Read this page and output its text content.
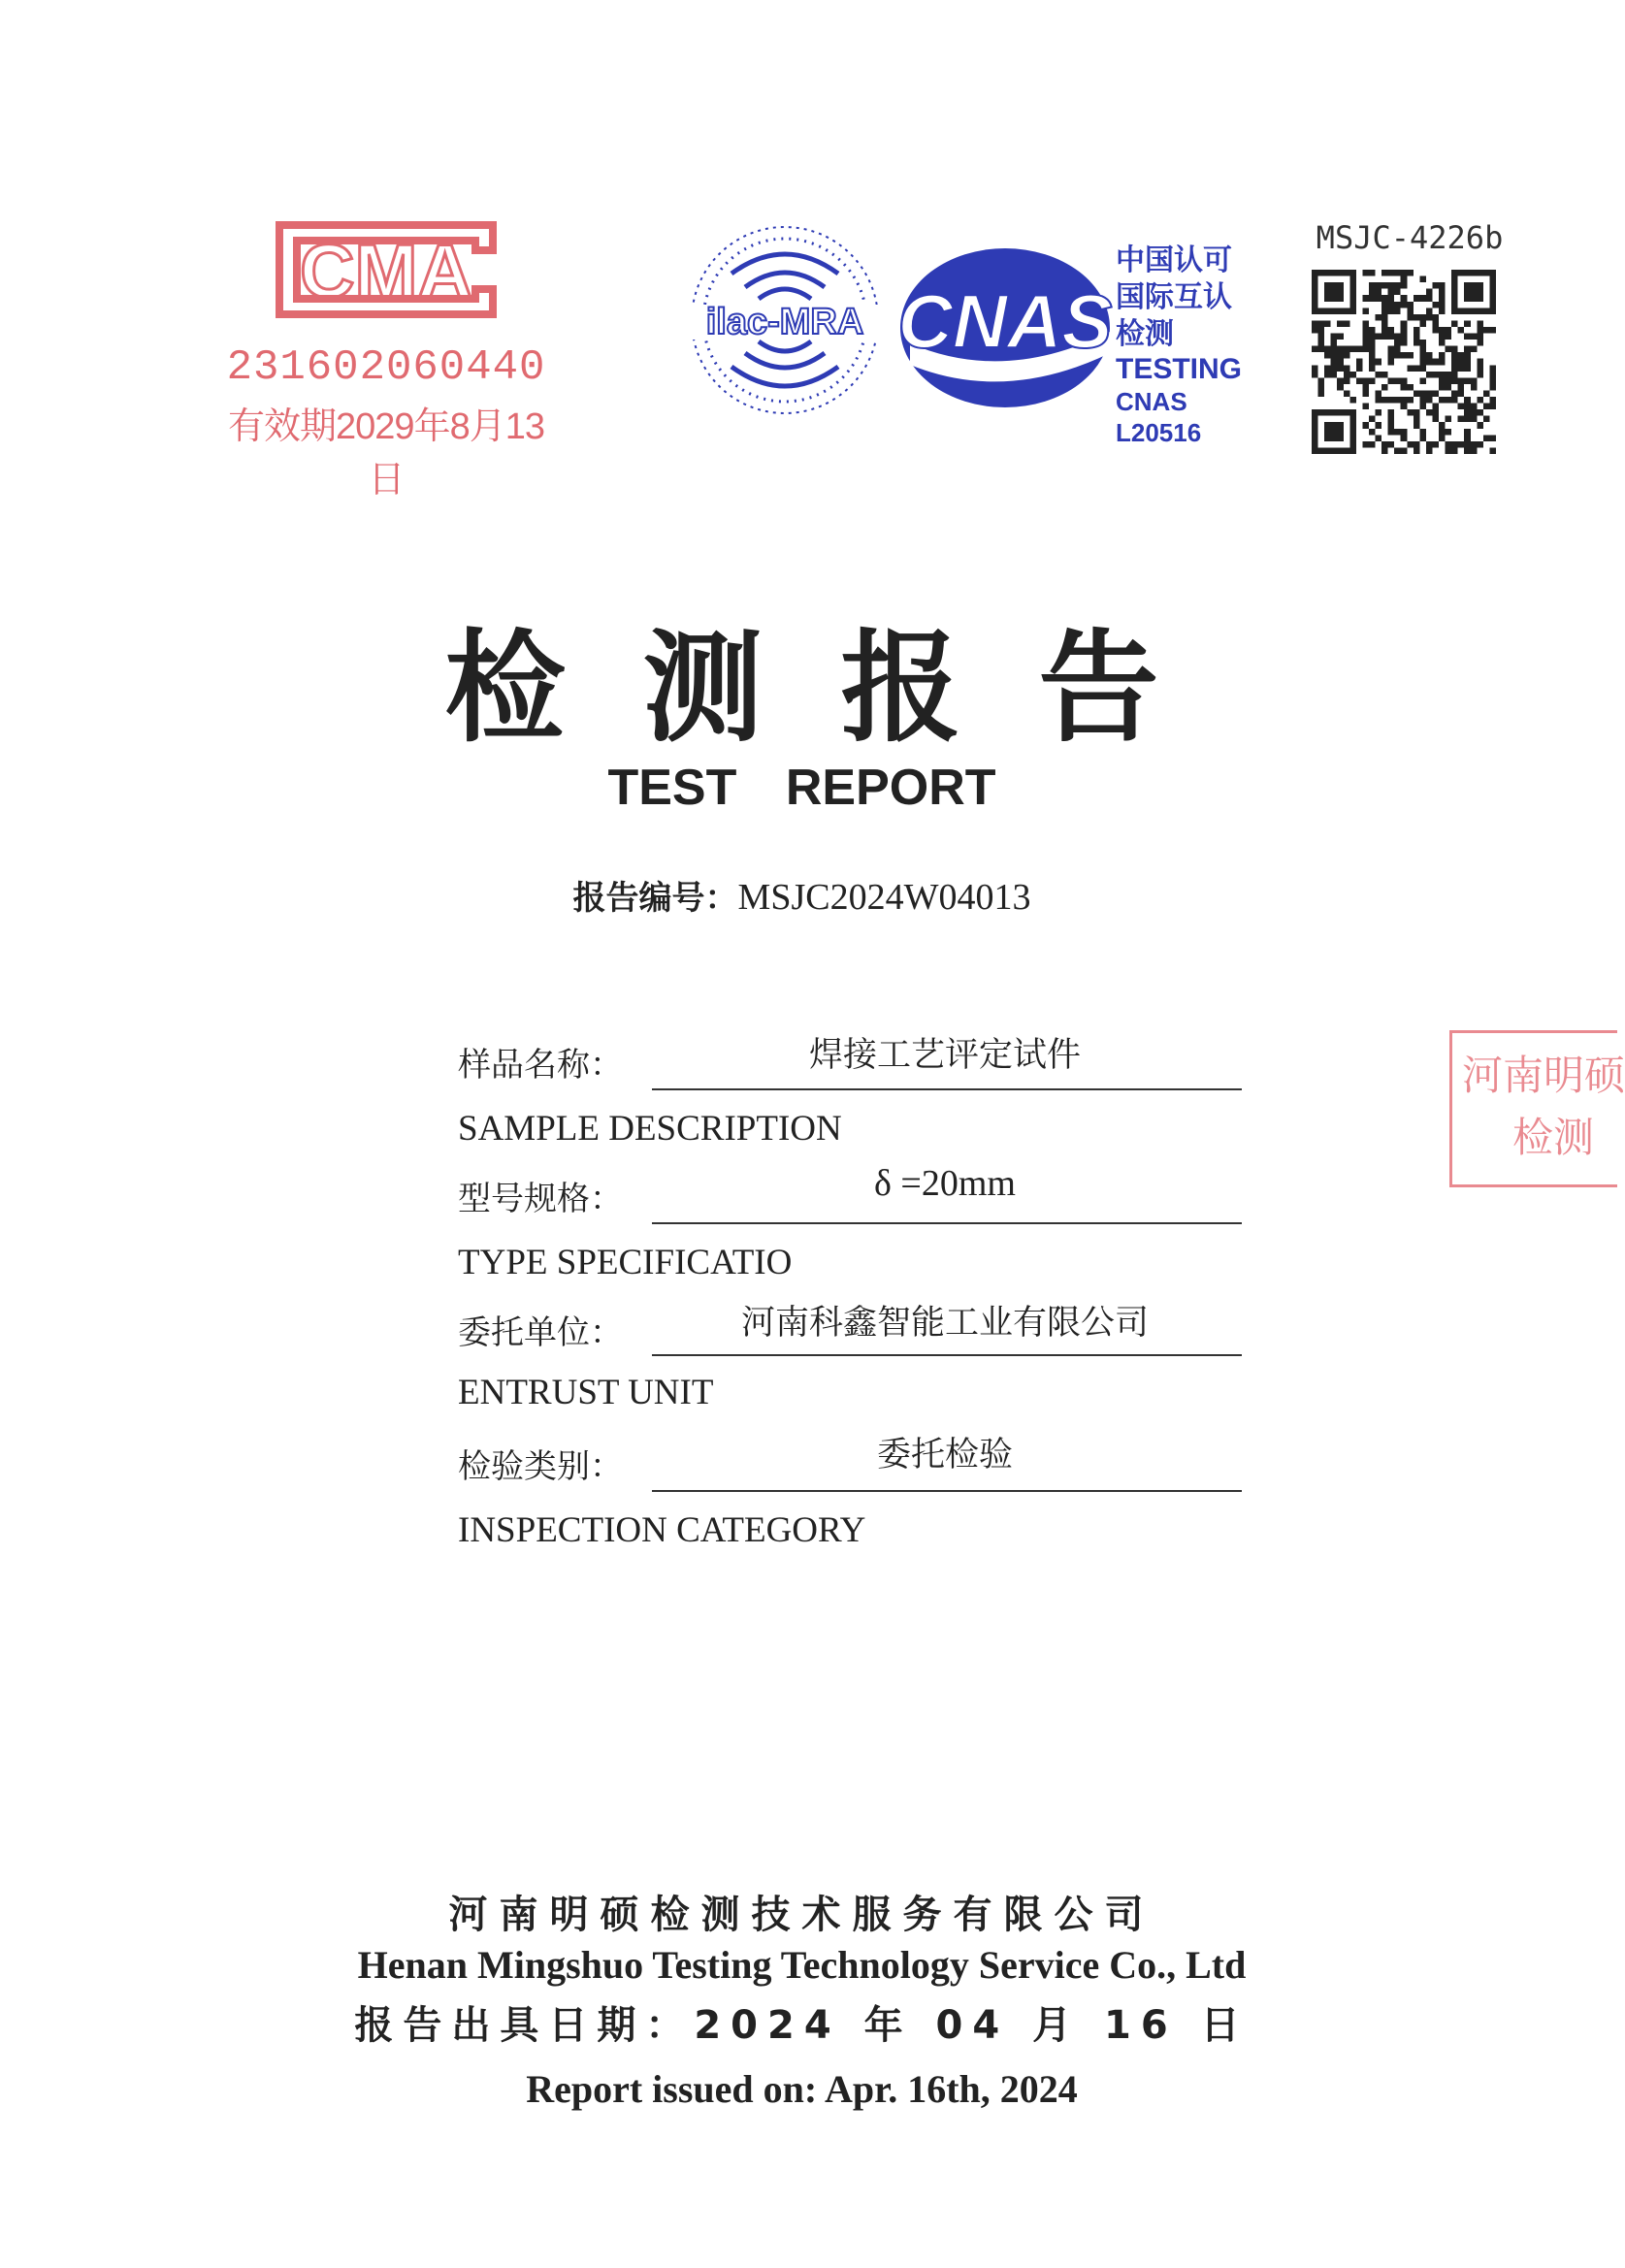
CMA
231602060440
有效期2029年8月13日
ilac-MRA CNAS
中国认可
国际互认
检测
TESTING
CNAS L20516
MSJC-4226b
检测报告
TEST REPORT
报告编号：MSJC2024W04013
样品名称：	焊接工艺评定试件
SAMPLE DESCRIPTION
型号规格：	δ =20mm
TYPE SPECIFICATIO
委托单位：	河南科鑫智能工业有限公司
ENTRUST UNIT
检验类别：	委托检验
INSPECTION CATEGORY
河南明硕
检测
河南明硕检测技术服务有限公司
Henan Mingshuo Testing Technology Service Co., Ltd
报告出具日期：2024 年 04 月 16 日
Report issued on: Apr. 16th, 2024
